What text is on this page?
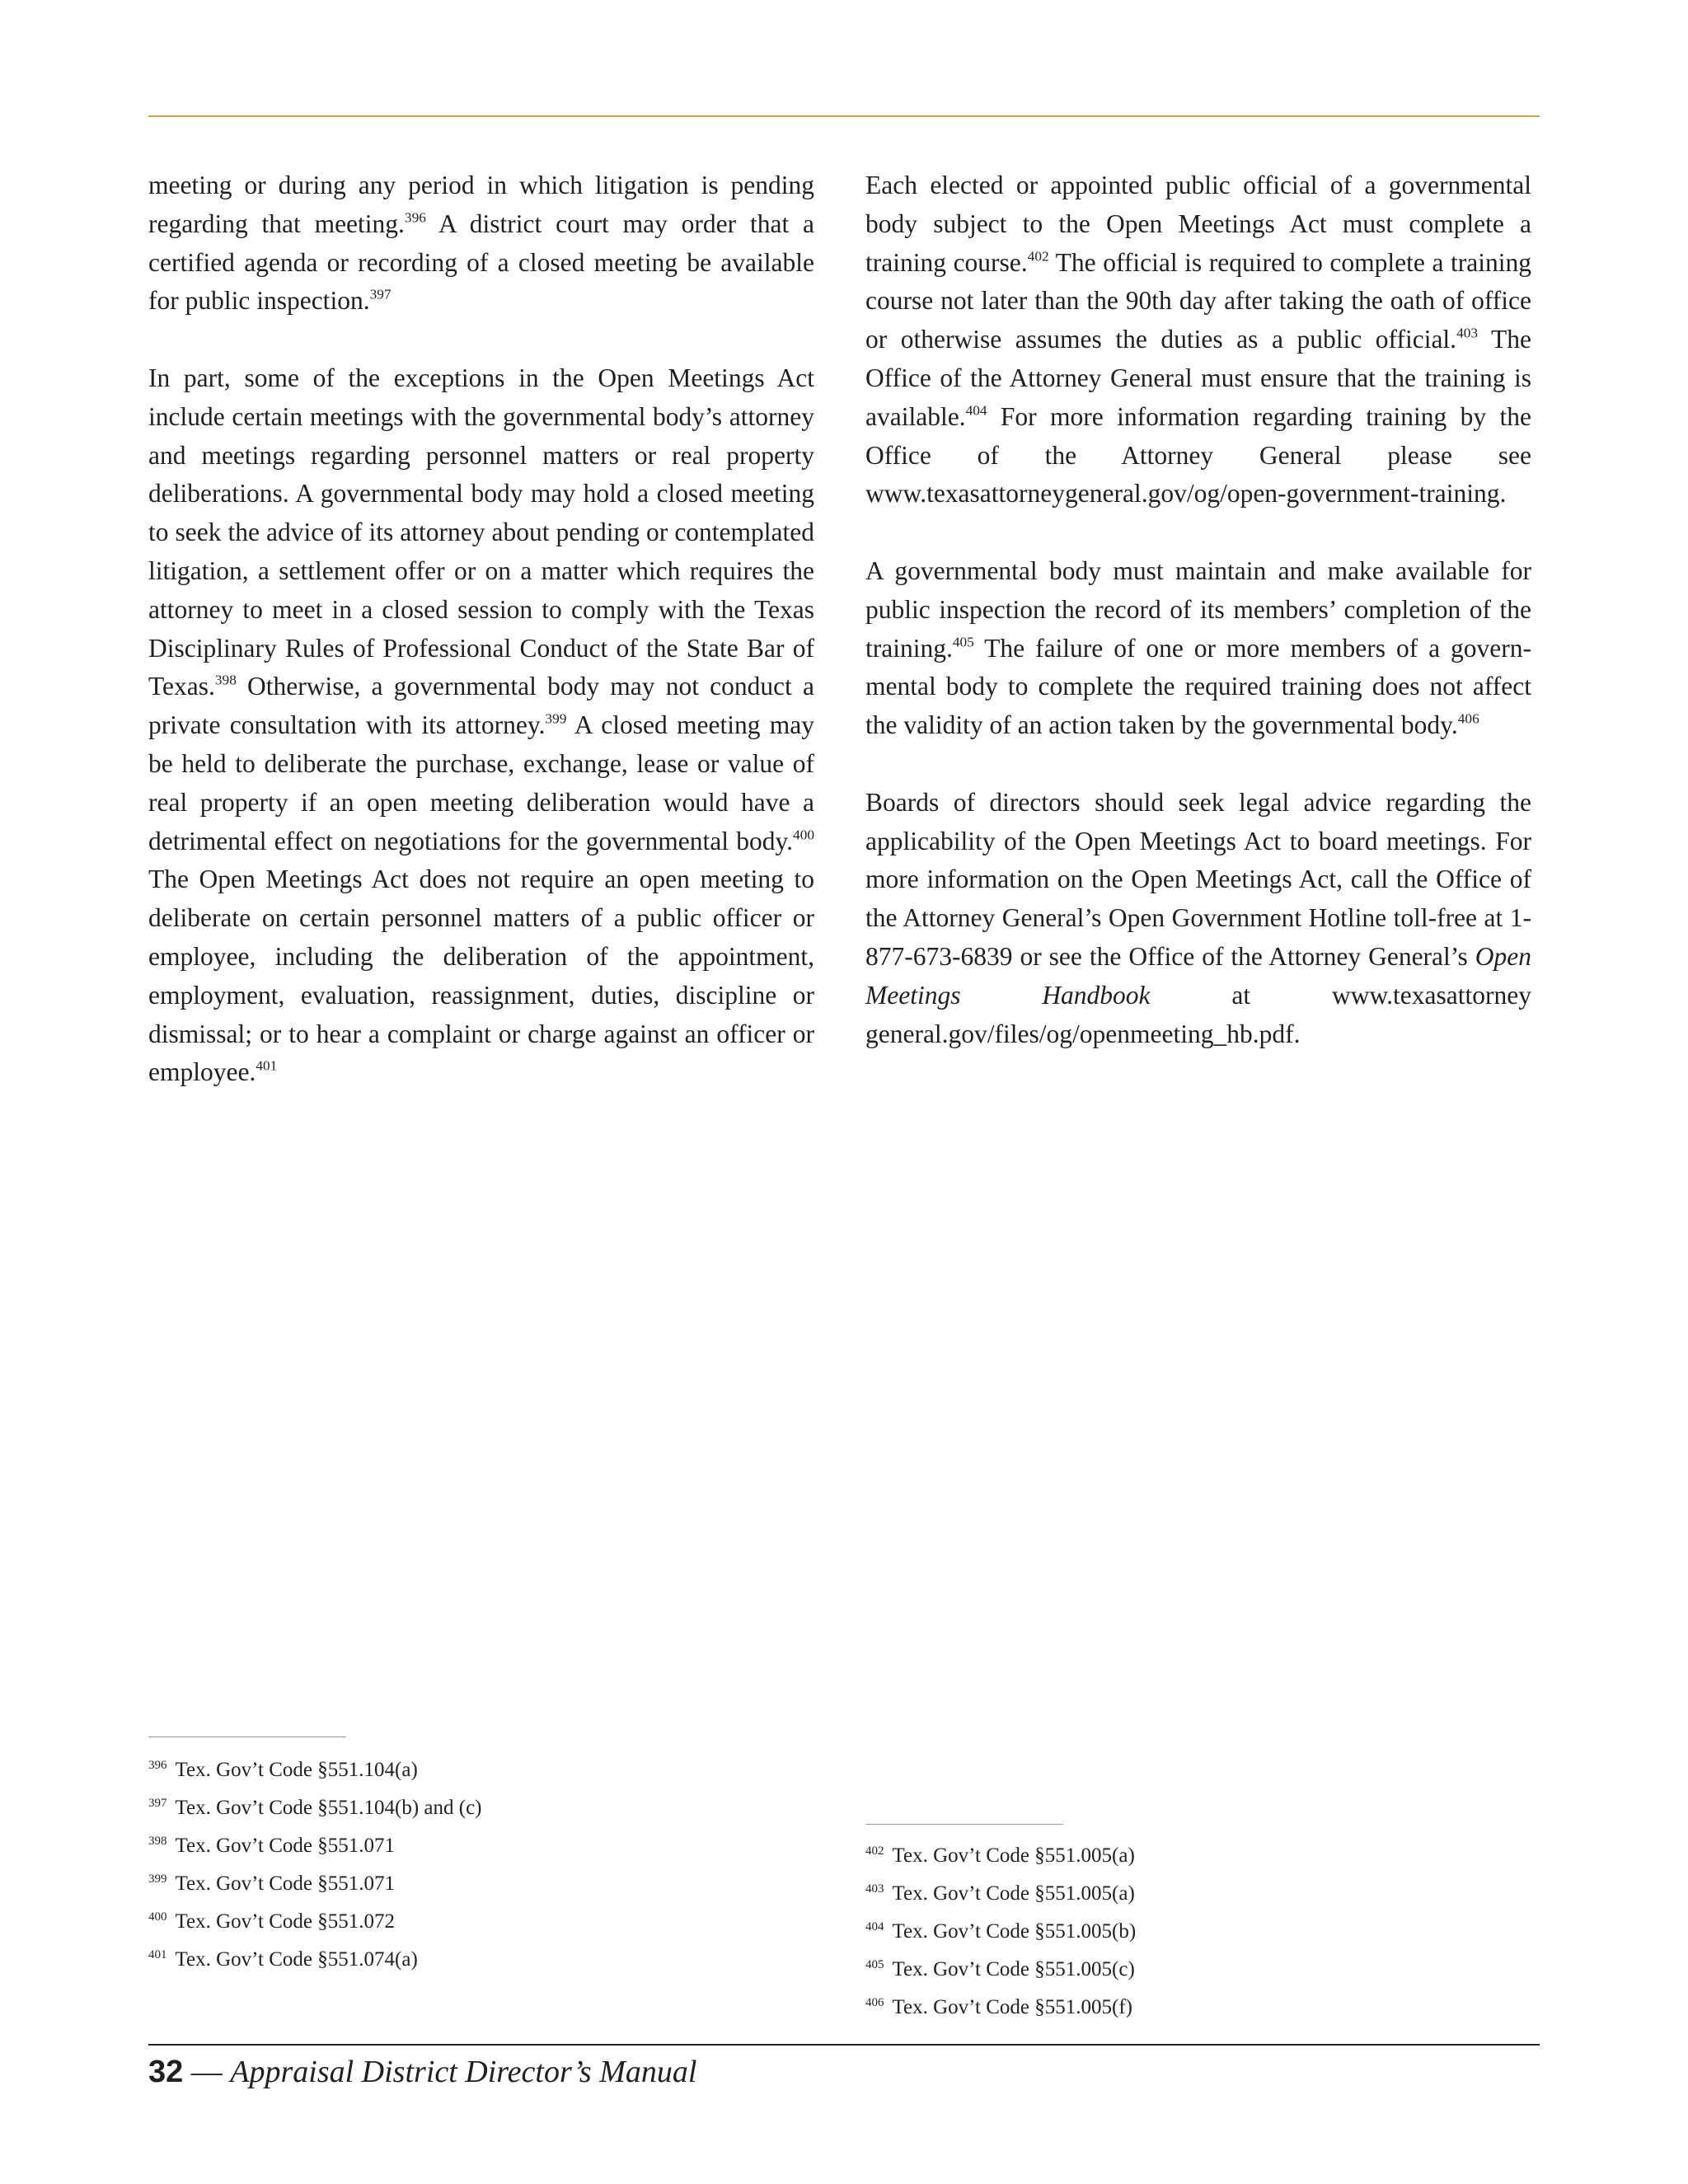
meeting or during any period in which litigation is pending regarding that meeting.$^{396}$ A district court may order that a certified agenda or recording of a closed meeting be available for public inspection.$^{397}$

In part, some of the exceptions in the Open Meetings Act include certain meetings with the governmental body’s attorney and meetings regarding personnel matters or real property deliberations. A governmental body may hold a closed meeting to seek the advice of its attorney about pending or contemplated litigation, a settlement offer or on a matter which requires the attorney to meet in a closed session to comply with the Texas Disciplinary Rules of Professional Conduct of the State Bar of Texas.$^{398}$ Otherwise, a governmental body may not conduct a private consultation with its attorney.$^{399}$ A closed meeting may be held to deliberate the purchase, exchange, lease or value of real property if an open meeting deliberation would have a detrimental effect on negotiations for the governmental body.$^{400}$ The Open Meetings Act does not require an open meeting to deliberate on certain personnel matters of a public officer or employee, including the deliberation of the appointment, employment, evaluation, reassignment, duties, discipline or dismissal; or to hear a complaint or charge against an officer or employee.$^{401}$

Each elected or appointed public official of a governmental body subject to the Open Meetings Act must complete a training course.$^{402}$ The official is required to complete a training course not later than the 90th day after taking the oath of office or otherwise assumes the duties as a public official.$^{403}$ The Office of the Attorney General must ensure that the training is available.$^{404}$ For more information regarding training by the Office of the Attorney General please see www.texasattorneygeneral.gov/og/open-government-training.

A governmental body must maintain and make available for public inspection the record of its members’ completion of the training.$^{405}$ The failure of one or more members of a governmental body to complete the required training does not affect the validity of an action taken by the governmental body.$^{406}$

Boards of directors should seek legal advice regarding the applicability of the Open Meetings Act to board meetings. For more information on the Open Meetings Act, call the Office of the Attorney General’s Open Government Hotline toll-free at 1-877-673-6839 or see the Office of the Attorney General’s Open Meetings Handbook at www.texasattorney general.gov/files/og/openmeeting_hb.pdf.

$^{396}$ Tex. Gov’t Code §551.104(a)
$^{397}$ Tex. Gov’t Code §551.104(b) and (c)
$^{398}$ Tex. Gov’t Code §551.071
$^{399}$ Tex. Gov’t Code §551.071
$^{400}$ Tex. Gov’t Code §551.072
$^{401}$ Tex. Gov’t Code §551.074(a)
$^{402}$ Tex. Gov’t Code §551.005(a)
$^{403}$ Tex. Gov’t Code §551.005(a)
$^{404}$ Tex. Gov’t Code §551.005(b)
$^{405}$ Tex. Gov’t Code §551.005(c)
$^{406}$ Tex. Gov’t Code §551.005(f)
32 — Appraisal District Director’s Manual
